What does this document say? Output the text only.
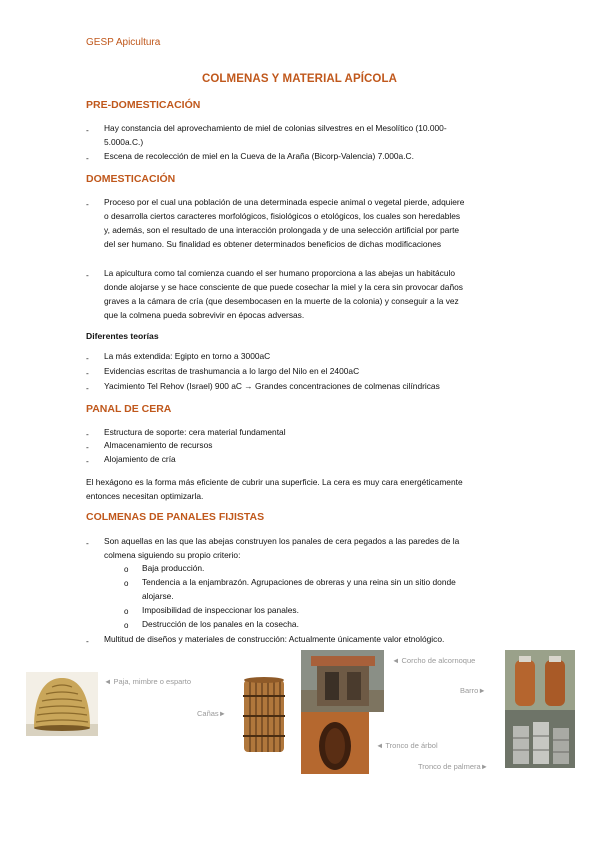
GESP Apicultura
COLMENAS Y MATERIAL APÍCOLA
PRE-DOMESTICACIÓN
- Hay constancia del aprovechamiento de miel de colonias silvestres en el Mesolítico (10.000-
5.000a.C.)
- Escena de recolección de miel en la Cueva de la Araña (Bicorp-Valencia) 7.000a.C.
DOMESTICACIÓN
- Proceso por el cual una población de una determinada especie animal o vegetal pierde, adquiere
o desarrolla ciertos caracteres morfológicos, fisiológicos o etológicos, los cuales son heredables
y, además, son el resultado de una interacción prolongada y de una selección artificial por parte
del ser humano. Su finalidad es obtener determinados beneficios de dichas modificaciones
- La apicultura como tal comienza cuando el ser humano proporciona a las abejas un habitáculo
donde alojarse y se hace consciente de que puede cosechar la miel y la cera sin provocar daños
graves a la cámara de cría (que desembocasen en la muerte de la colonia) y conseguir a la vez
que la colmena pueda sobrevivir en épocas adversas.
Diferentes teorías
- La más extendida: Egipto en torno a 3000aC
- Evidencias escritas de trashumancia a lo largo del Nilo en el 2400aC
- Yacimiento Tel Rehov (Israel) 900 aC → Grandes concentraciones de colmenas cilíndricas
PANAL DE CERA
- Estructura de soporte: cera material fundamental
- Almacenamiento de recursos
- Alojamiento de cría
El hexágono es la forma más eficiente de cubrir una superficie. La cera es muy cara energéticamente
entonces necesitan optimizarla.
COLMENAS DE PANALES FIJISTAS
- Son aquellas en las que las abejas construyen los panales de cera pegados a las paredes de la
colmena siguiendo su propio criterio:
o Baja producción.
o Tendencia a la enjambrazón. Agrupaciones de obreras y una reina sin un sitio donde
alojarse.
o Imposibilidad de inspeccionar los panales.
o Destrucción de los panales en la cosecha.
- Multitud de diseños y materiales de construcción: Actualmente únicamente valor etnológico.
◄ Paja, mimbre o esparto
Cañas►
◄ Corcho de alcornoque
Barro►
◄ Tronco de árbol
Tronco de palmera►
